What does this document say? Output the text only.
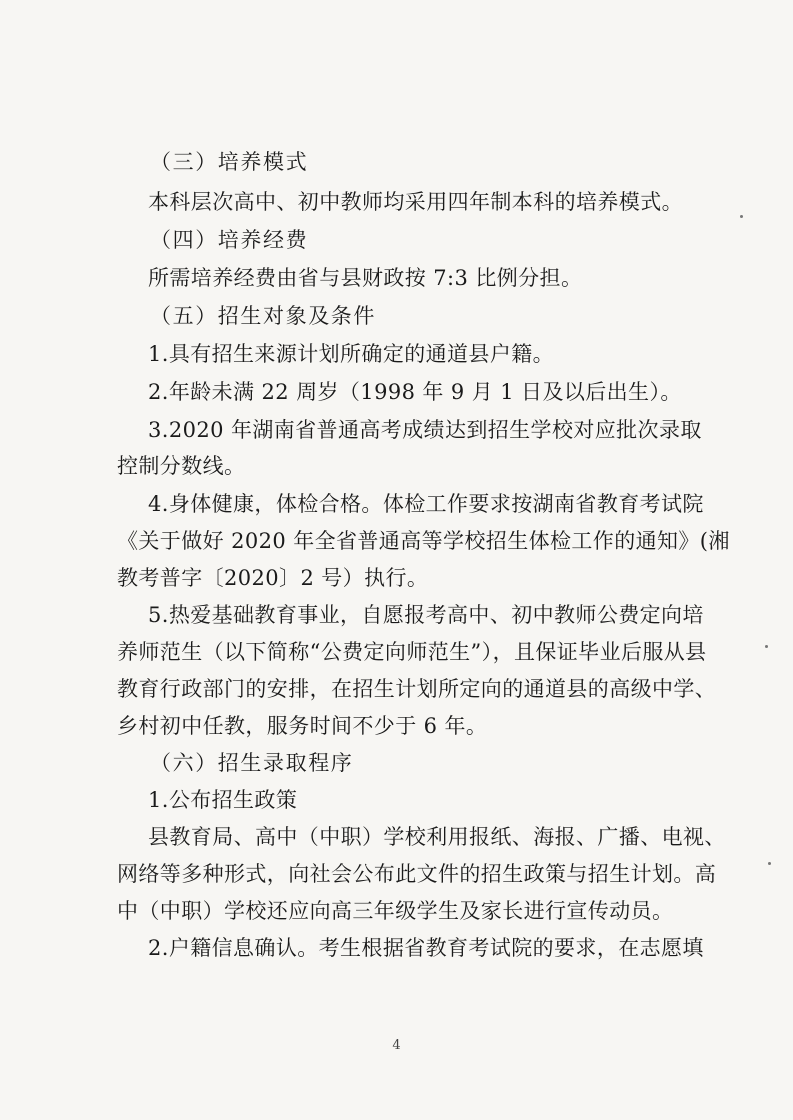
（三）培养模式

本科层次高中、初中教师均采用四年制本科的培养模式。

（四）培养经费

所需培养经费由省与县财政按 7:3 比例分担。

（五）招生对象及条件

1.具有招生来源计划所确定的通道县户籍。

2.年龄未满 22 周岁（1998 年 9 月 1 日及以后出生）。

3.2020 年湖南省普通高考成绩达到招生学校对应批次录取

控制分数线。

4.身体健康，体检合格。体检工作要求按湖南省教育考试院

《关于做好 2020 年全省普通高等学校招生体检工作的通知》(湘

教考普字〔2020〕2 号）执行。

5.热爱基础教育事业，自愿报考高中、初中教师公费定向培

养师范生（以下简称“公费定向师范生”），且保证毕业后服从县

教育行政部门的安排，在招生计划所定向的通道县的高级中学、

乡村初中任教，服务时间不少于 6 年。

（六）招生录取程序

1.公布招生政策

县教育局、高中（中职）学校利用报纸、海报、广播、电视、

网络等多种形式，向社会公布此文件的招生政策与招生计划。高

中（中职）学校还应向高三年级学生及家长进行宣传动员。

2.户籍信息确认。考生根据省教育考试院的要求，在志愿填

4
